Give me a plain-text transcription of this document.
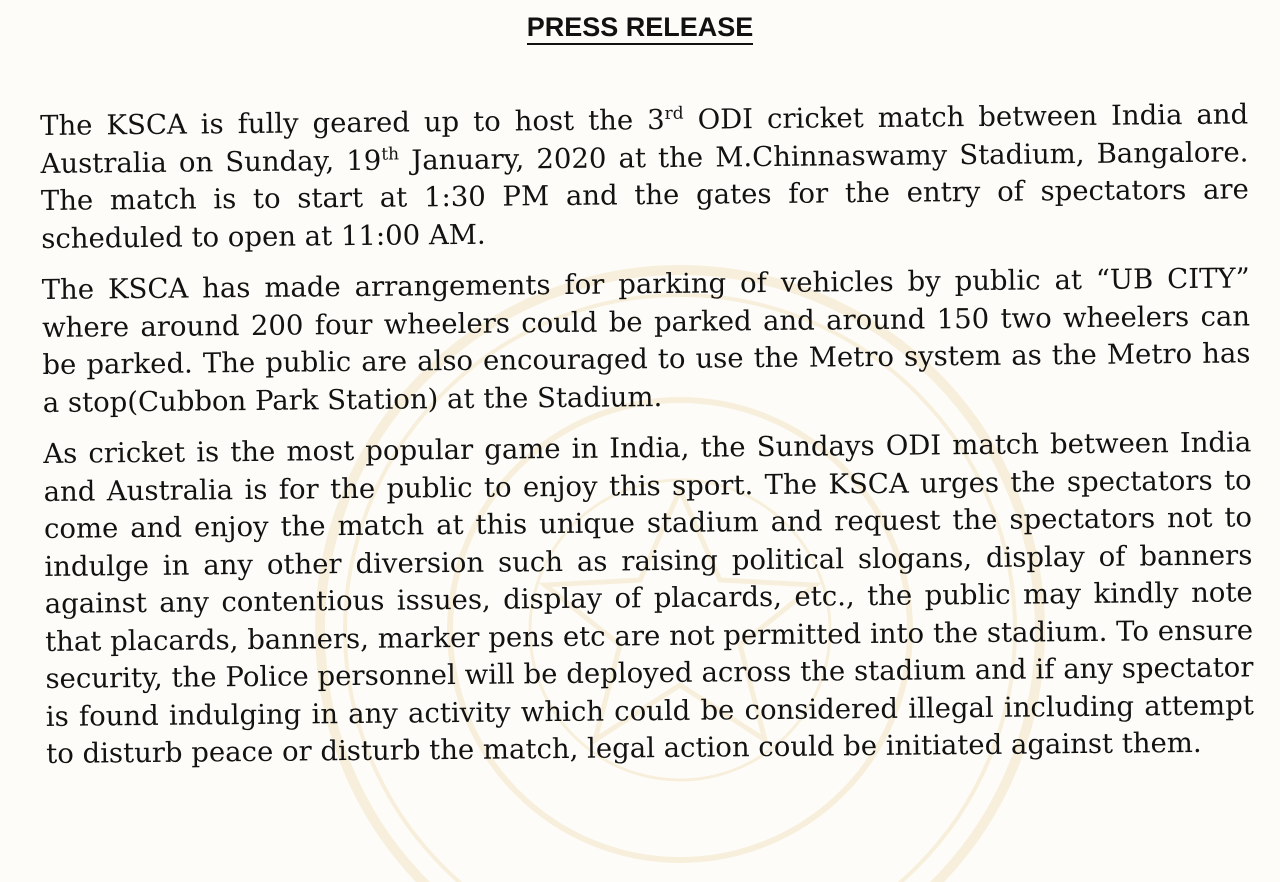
PRESS RELEASE

The KSCA is fully geared up to host the 3rd ODI cricket match between India and Australia on Sunday, 19th January, 2020 at the M.Chinnaswamy Stadium, Bangalore. The match is to start at 1:30 PM and the gates for the entry of spectators are scheduled to open at 11:00 AM.

The KSCA has made arrangements for parking of vehicles by public at “UB CITY” where around 200 four wheelers could be parked and around 150 two wheelers can be parked. The public are also encouraged to use the Metro system as the Metro has a stop(Cubbon Park Station) at the Stadium.

As cricket is the most popular game in India, the Sundays ODI match between India and Australia is for the public to enjoy this sport. The KSCA urges the spectators to come and enjoy the match at this unique stadium and request the spectators not to indulge in any other diversion such as raising political slogans, display of banners against any contentious issues, display of placards, etc., the public may kindly note that placards, banners, marker pens etc are not permitted into the stadium. To ensure security, the Police personnel will be deployed across the stadium and if any spectator is found indulging in any activity which could be considered illegal including attempt to disturb peace or disturb the match, legal action could be initiated against them.
